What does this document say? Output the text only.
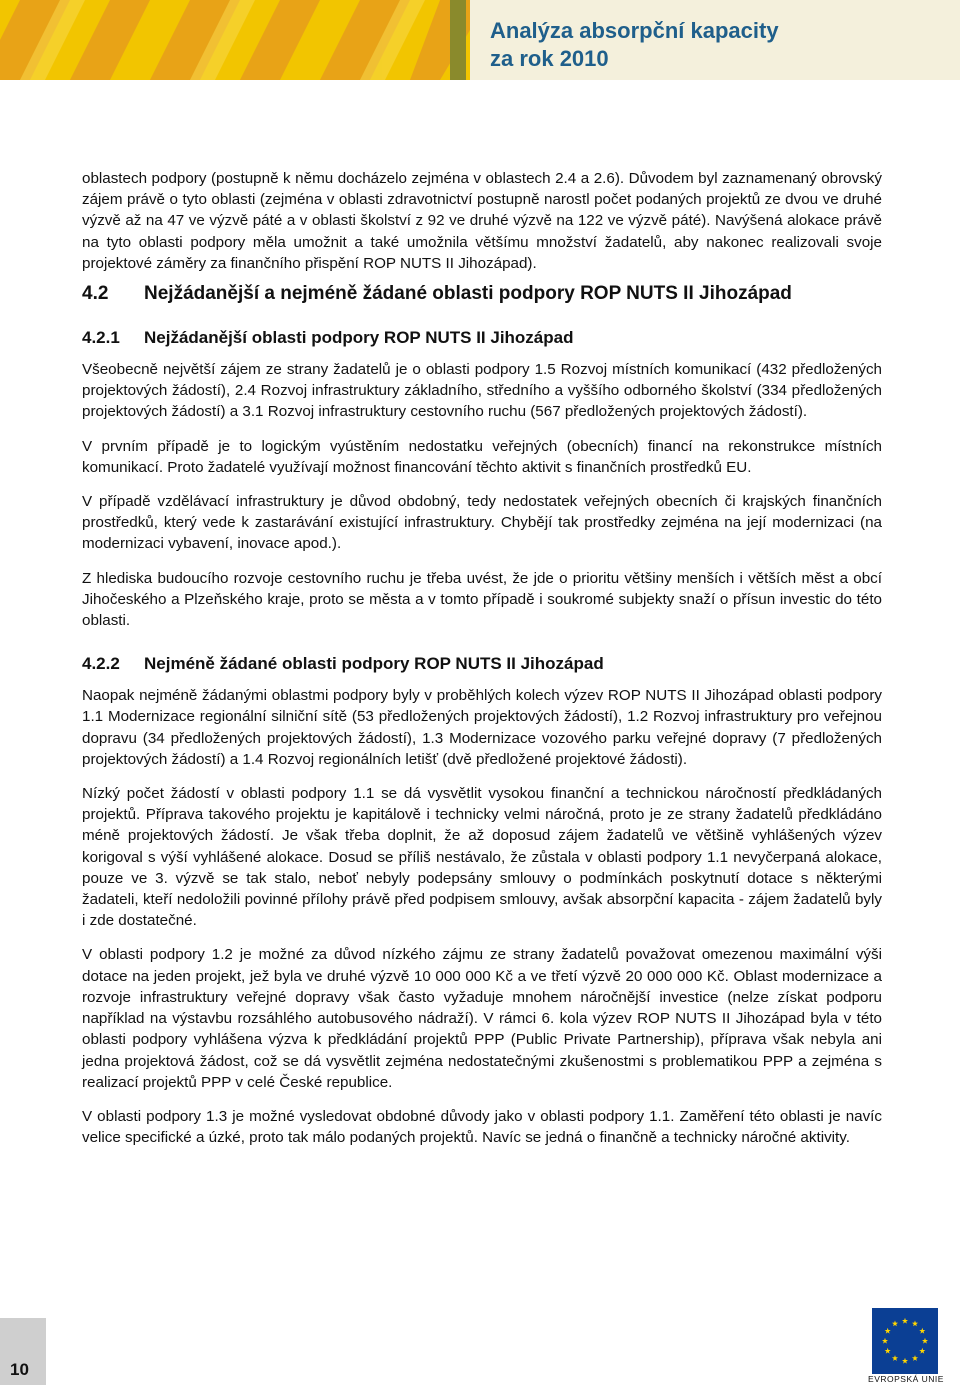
Analýza absorpční kapacity
za rok 2010

oblastech podpory (postupně k němu docházelo zejména v oblastech 2.4 a 2.6). Důvodem byl zaznamenaný obrovský zájem právě o tyto oblasti (zejména v oblasti zdravotnictví postupně narostl počet podaných projektů ze dvou ve druhé výzvě až na 47 ve výzvě páté a v oblasti školství z 92 ve druhé výzvě na 122 ve výzvě páté). Navýšená alokace právě na tyto oblasti podpory měla umožnit a také umožnila většímu množství žadatelů, aby nakonec realizovali svoje projektové záměry za finančního přispění ROP NUTS II Jihozápad).

4.2 Nejžádanější a nejméně žádané oblasti podpory ROP NUTS II Jihozápad
4.2.1 Nejžádanější oblasti podpory ROP NUTS II Jihozápad

Všeobecně největší zájem ze strany žadatelů je o oblasti podpory 1.5 Rozvoj místních komunikací (432 předložených projektových žádostí), 2.4 Rozvoj infrastruktury základního, středního a vyššího odborného školství (334 předložených projektových žádostí) a 3.1 Rozvoj infrastruktury cestovního ruchu (567 předložených projektových žádostí).

V prvním případě je to logickým vyústěním nedostatku veřejných (obecních) financí na rekonstrukce místních komunikací. Proto žadatelé využívají možnost financování těchto aktivit s finančních prostředků EU.

V případě vzdělávací infrastruktury je důvod obdobný, tedy nedostatek veřejných obecních či krajských finančních prostředků, který vede k zastarávání existující infrastruktury. Chybějí tak prostředky zejména na její modernizaci (na modernizaci vybavení, inovace apod.).

Z hlediska budoucího rozvoje cestovního ruchu je třeba uvést, že jde o prioritu většiny menších i větších měst a obcí Jihočeského a Plzeňského kraje, proto se města a v tomto případě i soukromé subjekty snaží o přísun investic do této oblasti.

4.2.2 Nejméně žádané oblasti podpory ROP NUTS II Jihozápad

Naopak nejméně žádanými oblastmi podpory byly v proběhlých kolech výzev ROP NUTS II Jihozápad oblasti podpory 1.1 Modernizace regionální silniční sítě (53 předložených projektových žádostí), 1.2 Rozvoj infrastruktury pro veřejnou dopravu (34 předložených projektových žádostí), 1.3 Modernizace vozového parku veřejné dopravy (7 předložených projektových žádostí) a 1.4 Rozvoj regionálních letišť (dvě předložené projektové žádosti).

Nízký počet žádostí v oblasti podpory 1.1 se dá vysvětlit vysokou finanční a technickou náročností předkládaných projektů. Příprava takového projektu je kapitálově i technicky velmi náročná, proto je ze strany žadatelů předkládáno méně projektových žádostí. Je však třeba doplnit, že až doposud zájem žadatelů ve většině vyhlášených výzev korigoval s výší vyhlášené alokace. Dosud se příliš nestávalo, že zůstala v oblasti podpory 1.1 nevyčerpaná alokace, pouze ve 3. výzvě se tak stalo, neboť nebyly podepsány smlouvy o podmínkách poskytnutí dotace s některými žadateli, kteří nedoložili povinné přílohy právě před podpisem smlouvy, avšak absorpční kapacita - zájem žadatelů byly i zde dostatečné.

V oblasti podpory 1.2 je možné za důvod nízkého zájmu ze strany žadatelů považovat omezenou maximální výši dotace na jeden projekt, jež byla ve druhé výzvě 10 000 000 Kč a ve třetí výzvě 20 000 000 Kč. Oblast modernizace a rozvoje infrastruktury veřejné dopravy však často vyžaduje mnohem náročnější investice (nelze získat podporu například na výstavbu rozsáhlého autobusového nádraží). V rámci 6. kola výzev ROP NUTS II Jihozápad byla v této oblasti podpory vyhlášena výzva k předkládání projektů PPP (Public Private Partnership), příprava však nebyla ani jedna projektová žádost, což se dá vysvětlit zejména nedostatečnými zkušenostmi s problematikou PPP a zejména s realizací projektů PPP v celé České republice.

V oblasti podpory 1.3 je možné vysledovat obdobné důvody jako v oblasti podpory 1.1. Zaměření této oblasti je navíc velice specifické a úzké, proto tak málo podaných projektů. Navíc se jedná o finančně a technicky náročné aktivity.

10	EVROPSKÁ UNIE
